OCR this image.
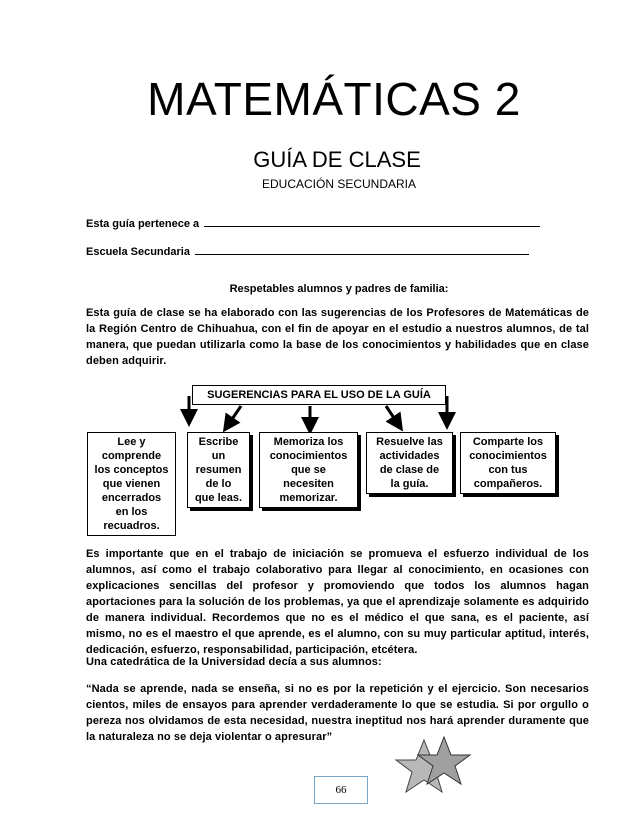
MATEMÁTICAS 2
GUÍA DE CLASE
EDUCACIÓN SECUNDARIA
Esta guía pertenece a
Escuela Secundaria
Respetables alumnos y padres de familia:
Esta guía de clase se ha elaborado con las sugerencias de los Profesores de Matemáticas de la Región Centro de Chihuahua, con el fin de apoyar en el estudio a nuestros alumnos, de tal manera, que puedan utilizarla como la base de los conocimientos y habilidades que en clase deben adquirir.
SUGERENCIAS PARA EL USO DE LA GUÍA
Lee y
comprende
los conceptos
que vienen
encerrados
en los
recuadros.
Escribe
un
resumen
de lo
que leas.
Memoriza los
conocimientos
que se
necesiten
memorizar.
Resuelve las
actividades
de clase de
la guía.
Comparte los
conocimientos
con tus
compañeros.
Es importante que en el trabajo de iniciación se promueva el esfuerzo individual de los alumnos, así como el trabajo colaborativo para llegar al conocimiento, en ocasiones con explicaciones sencillas del profesor y promoviendo que todos los alumnos hagan aportaciones para la solución de los problemas, ya que el aprendizaje solamente es adquirido de manera individual. Recordemos que no es el médico el que sana, es el paciente, así mismo, no es el maestro el que aprende, es el alumno, con su muy particular aptitud, interés, dedicación, esfuerzo, responsabilidad, participación, etcétera.
Una catedrática de la Universidad decía a sus alumnos:
“Nada se aprende, nada se enseña, si no es por la repetición y el ejercicio. Son necesarios cientos, miles de ensayos para aprender verdaderamente lo que se estudia. Si por orgullo o pereza nos olvidamos de esta necesidad, nuestra ineptitud nos hará aprender duramente que la naturaleza no se deja violentar o apresurar”
66
